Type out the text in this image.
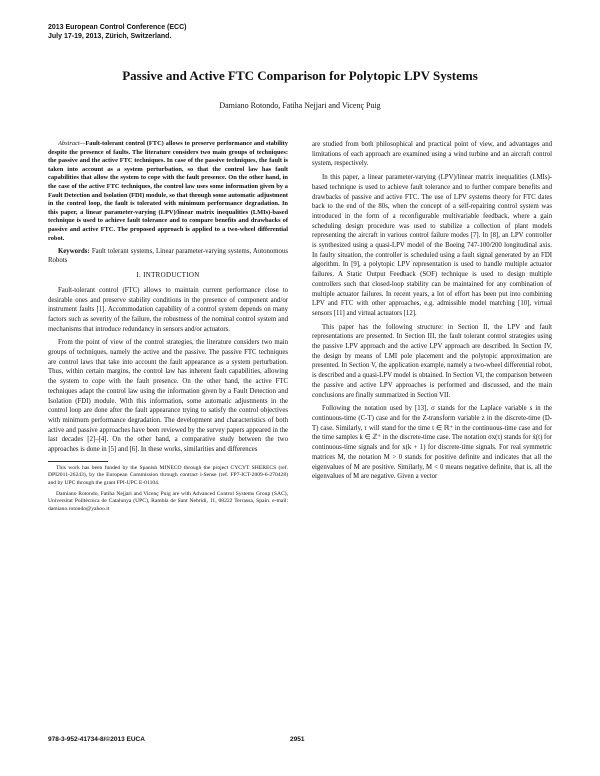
2013 European Control Conference (ECC)
July 17-19, 2013, Zürich, Switzerland.
Passive and Active FTC Comparison for Polytopic LPV Systems
Damiano Rotondo, Fatiha Nejjari and Vicenç Puig
Abstract—Fault-tolerant control (FTC) allows to preserve performance and stability despite the presence of faults. The literature considers two main groups of techniques: the passive and the active FTC techniques. In case of the passive techniques, the fault is taken into account as a system perturbation, so that the control law has fault capabilities that allow the system to cope with the fault presence. On the other hand, in the case of the active FTC techniques, the control law uses some information given by a Fault Detection and Isolation (FDI) module, so that through some automatic adjustment in the control loop, the fault is tolerated with minimum performance degradation. In this paper, a linear parameter-varying (LPV)/linear matrix inequalities (LMIs)-based technique is used to achieve fault tolerance and to compare benefits and drawbacks of passive and active FTC. The proposed approach is applied to a two-wheel differential robot.
Keywords: Fault tolerant systems, Linear parameter-varying systems, Autonomous Robots
I. INTRODUCTION

Fault-tolerant control (FTC) allows to maintain current performance close to desirable ones and preserve stability conditions in the presence of component and/or instrument faults [1]. Accommodation capability of a control system depends on many factors such as severity of the failure, the robustness of the nominal control system and mechanisms that introduce redundancy in sensors and/or actuators.

From the point of view of the control strategies, the literature considers two main groups of techniques, namely the active and the passive. The passive FTC techniques are control laws that take into account the fault appearance as a system perturbation. Thus, within certain margins, the control law has inherent fault capabilities, allowing the system to cope with the fault presence. On the other hand, the active FTC techniques adapt the control law using the information given by a Fault Detection and Isolation (FDI) module. With this information, some automatic adjustments in the control loop are done after the fault appearance trying to satisfy the control objectives with minimum performance degradation. The development and characteristics of both active and passive approaches have been reviewed by the survey papers appeared in the last decades [2]–[4]. On the other hand, a comparative study between the two approaches is done in [5] and [6]. In these works, similarities and differences

This work has been funded by the Spanish MINECO through the project CYCYT SHERECS (ref. DPI2011-26243), by the European Commission through contract i-Sense (ref. FP7-ICT-2009-6-270428) and by UPC through the grant FPI-UPC E-01104.

Damiano Rotondo, Fatiha Nejjari and Vicenç Puig are with Advanced Control Systems Group (SAC), Universitat Politècnica de Catalunya (UPC), Rambla de Sant Nebridi, 11, 08222 Terrassa, Spain. e-mail: damiano.rotondo@yahoo.it

are studied from both philosophical and practical point of view, and advantages and limitations of each approach are examined using a wind turbine and an aircraft control system, respectively.

In this paper, a linear parameter-varying (LPV)/linear matrix inequalities (LMIs)-based technique is used to achieve fault tolerance and to further compare benefits and drawbacks of passive and active FTC. The use of LPV systems theory for FTC dates back to the end of the 80s, when the concept of a self-repairing control system was introduced in the form of a reconfigurable multivariable feedback, where a gain scheduling design procedure was used to stabilize a collection of plant models representing the aircraft in various control failure modes [7]. In [8], an LPV controller is synthesized using a quasi-LPV model of the Boeing 747-100/200 longitudinal axis. In faulty situation, the controller is scheduled using a fault signal generated by an FDI algorithm. In [9], a polytopic LPV representation is used to handle multiple actuator failures. A Static Output Feedback (SOF) technique is used to design multiple controllers such that closed-loop stability can be maintained for any combination of multiple actuator failures. In recent years, a lot of effort has been put into combining LPV and FTC with other approaches, e.g. admissible model matching [10], virtual sensors [11] and virtual actuators [12].

This paper has the following structure: in Section II, the LPV and fault representations are presented. In Section III, the fault tolerant control strategies using the passive LPV approach and the active LPV approach are described. In Section IV, the design by means of LMI pole placement and the polytopic approximation are presented. In Section V, the application example, namely a two-wheel differential robot, is described and a quasi-LPV model is obtained. In Section VI, the comparison between the passive and active LPV approaches is performed and discussed, and the main conclusions are finally summarized in Section VII.

Following the notation used by [13], σ stands for the Laplace variable s in the continuous-time (C-T) case and for the Z-transform variable z in the discrete-time (D-T) case. Similarly, τ will stand for the time t ∈ ℝ⁺ in the continuous-time case and for the time samples k ∈ ℤ⁺ in the discrete-time case. The notation σx(τ) stands for ẋ(t) for continuous-time signals and for x(k + 1) for discrete-time signals. For real symmetric matrices M, the notation M > 0 stands for positive definite and indicates that all the eigenvalues of M are positive. Similarly, M < 0 means negative definite, that is, all the eigenvalues of M are negative. Given a vector

978-3-952-41734-8/©2013 EUCA	2951
